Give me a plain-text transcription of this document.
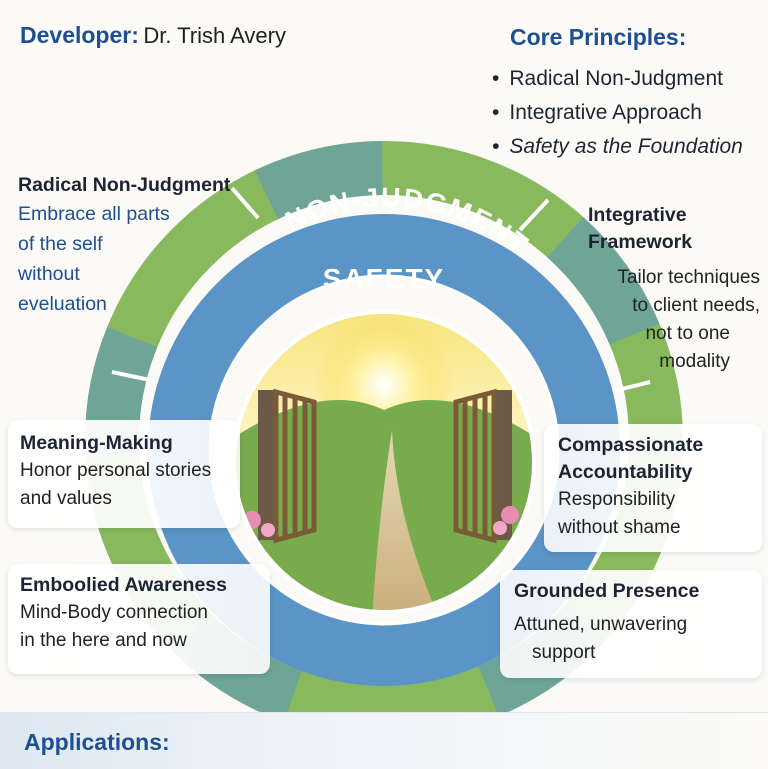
Developer: Dr. Trish Avery	Core Principles:
• Radical Non-Judgment
• Integrative Approach
• Safety as the Foundation
NON-JUDGMENT
SAFETY
Radical Non-Judgment
Embrace all parts
of the self
without
eveluation
Meaning-Making
Honor personal stories
and values
Emboolied Awareness
Mind-Body connection
in the here and now
Integrative
Framework
Tailor techniques
to client needs,
not to one
modality
Compassionate
Accountability
Responsibility
without shame
Grounded Presence
Attuned, unwavering
support
Applications:
